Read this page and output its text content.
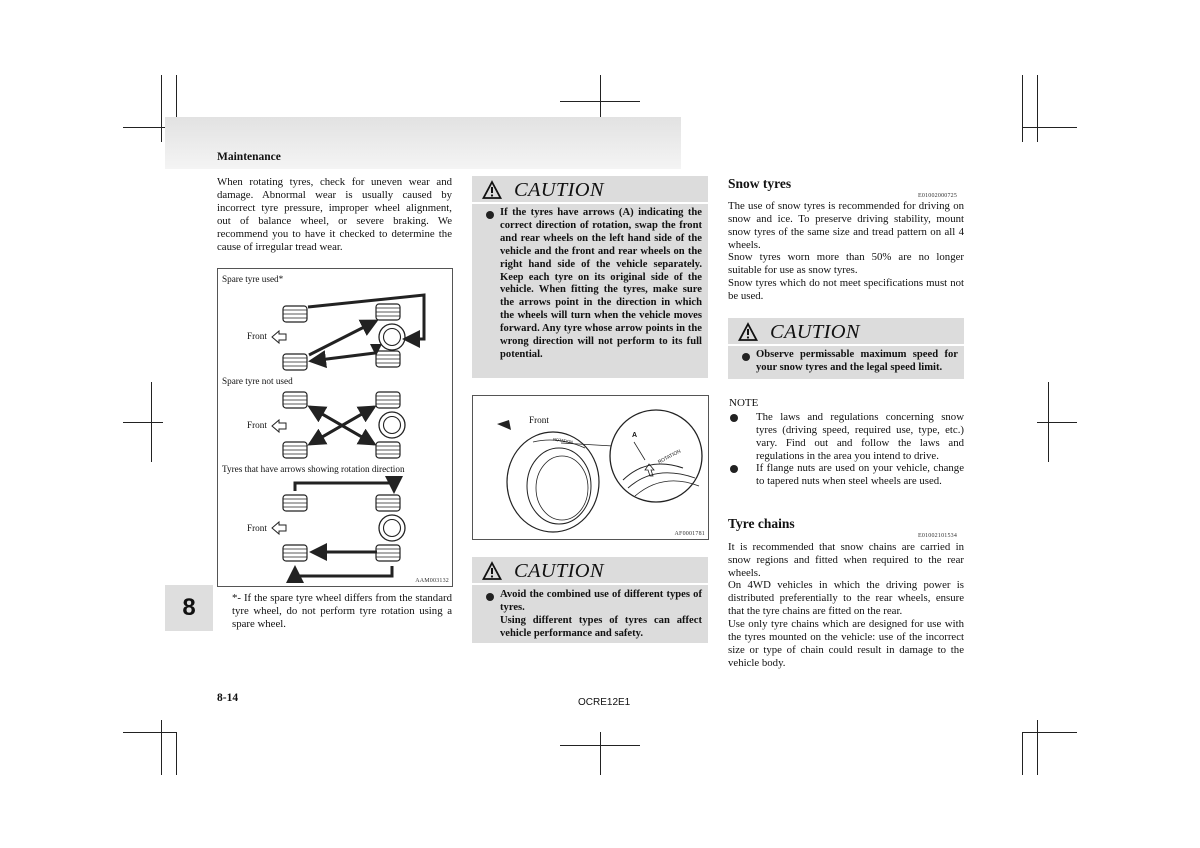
Maintenance

When rotating tyres, check for uneven wear and damage. Abnormal wear is usually caused by incorrect tyre pressure, improper wheel alignment, out of balance wheel, or severe braking. We recommend you to have it checked to determine the cause of irregular tread wear.

Spare tyre used*
Front
Spare tyre not used
Front
Tyres that have arrows showing rotation direction
Front
AAM003132

*- If the spare tyre wheel differs from the standard tyre wheel, do not perform tyre rotation using a spare wheel.

8
CAUTION
If the tyres have arrows (A) indicating the correct direction of rotation, swap the front and rear wheels on the left hand side of the vehicle and the front and rear wheels on the right hand side of the vehicle separately. Keep each tyre on its original side of the vehicle. When fitting the tyres, make sure the arrows point in the direction in which the wheels will turn when the vehicle moves forward. Any tyre whose arrow points in the wrong direction will not perform to its full potential.
Front
A
ROTATION
ROTATION
AF0001781
CAUTION
Avoid the combined use of different types of tyres.
Using different types of tyres can affect vehicle performance and safety.
Snow tyres
E01002000725

The use of snow tyres is recommended for driving on snow and ice. To preserve driving stability, mount snow tyres of the same size and tread pattern on all 4 wheels.

Snow tyres worn more than 50% are no longer suitable for use as snow tyres.

Snow tyres which do not meet specifications must not be used.

CAUTION
Observe permissable maximum speed for your snow tyres and the legal speed limit.
NOTE

The laws and regulations concerning snow tyres (driving speed, required use, type, etc.) vary. Find out and follow the laws and regulations in the area you intend to drive.

If flange nuts are used on your vehicle, change to tapered nuts when steel wheels are used.

Tyre chains
E01002101534

It is recommended that snow chains are carried in snow regions and fitted when required to the rear wheels.

On 4WD vehicles in which the driving power is distributed preferentially to the rear wheels, ensure that the tyre chains are fitted on the rear.

Use only tyre chains which are designed for use with the tyres mounted on the vehicle: use of the incorrect size or type of chain could result in damage to the vehicle body.

8-14	OCRE12E1
